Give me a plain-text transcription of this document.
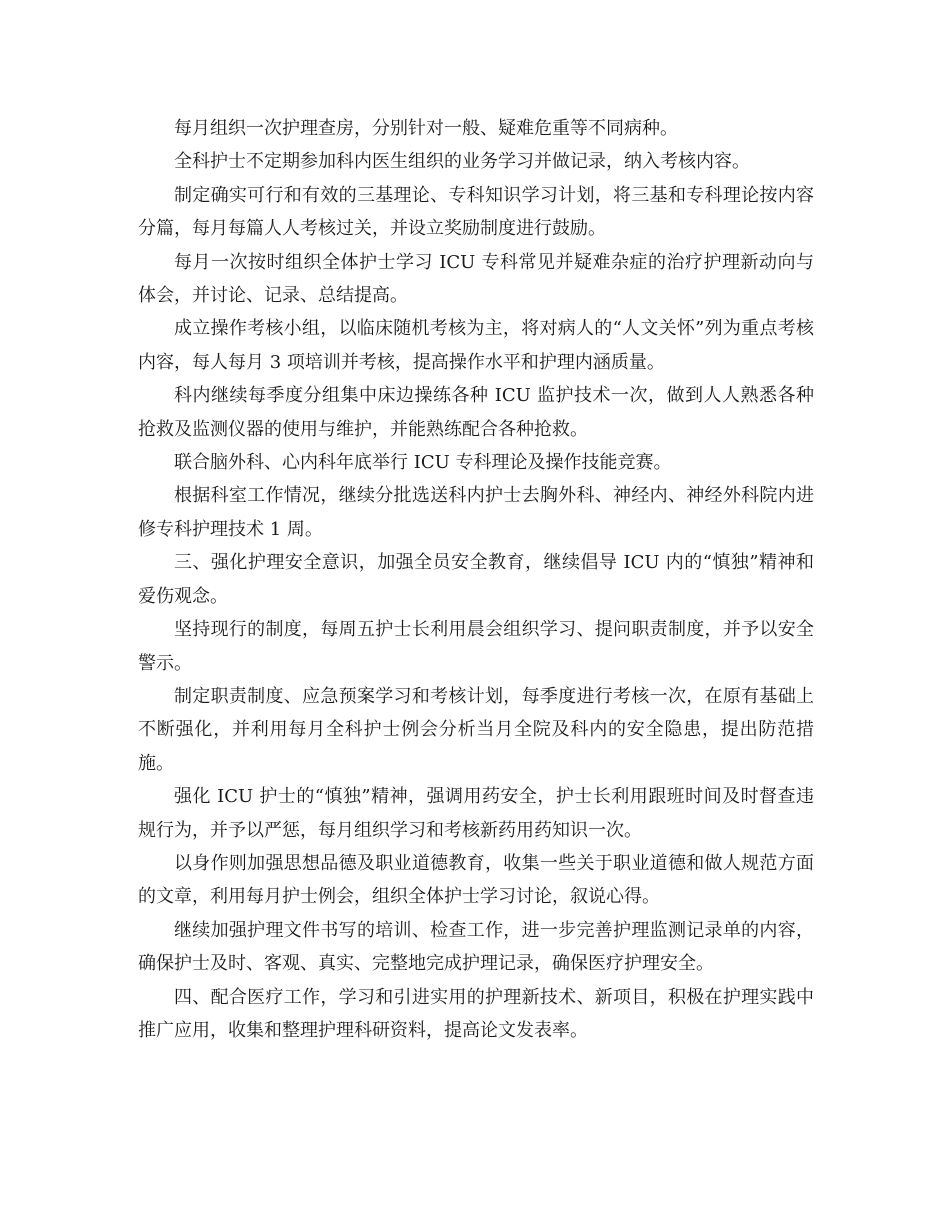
每月组织一次护理查房，分别针对一般、疑难危重等不同病种。

全科护士不定期参加科内医生组织的业务学习并做记录，纳入考核内容。

制定确实可行和有效的三基理论、专科知识学习计划，将三基和专科理论按内容分篇，每月每篇人人考核过关，并设立奖励制度进行鼓励。

每月一次按时组织全体护士学习 ICU 专科常见并疑难杂症的治疗护理新动向与体会，并讨论、记录、总结提高。

成立操作考核小组，以临床随机考核为主，将对病人的“人文关怀”列为重点考核内容，每人每月 3 项培训并考核，提高操作水平和护理内涵质量。

科内继续每季度分组集中床边操练各种 ICU 监护技术一次，做到人人熟悉各种抢救及监测仪器的使用与维护，并能熟练配合各种抢救。

联合脑外科、心内科年底举行 ICU 专科理论及操作技能竞赛。

根据科室工作情况，继续分批选送科内护士去胸外科、神经内、神经外科院内进修专科护理技术 1 周。

三、强化护理安全意识，加强全员安全教育，继续倡导 ICU 内的“慎独”精神和爱伤观念。

坚持现行的制度，每周五护士长利用晨会组织学习、提问职责制度，并予以安全警示。

制定职责制度、应急预案学习和考核计划，每季度进行考核一次，在原有基础上不断强化，并利用每月全科护士例会分析当月全院及科内的安全隐患，提出防范措施。

强化 ICU 护士的“慎独”精神，强调用药安全，护士长利用跟班时间及时督查违规行为，并予以严惩，每月组织学习和考核新药用药知识一次。

以身作则加强思想品德及职业道德教育，收集一些关于职业道德和做人规范方面的文章，利用每月护士例会，组织全体护士学习讨论，叙说心得。

继续加强护理文件书写的培训、检查工作，进一步完善护理监测记录单的内容，确保护士及时、客观、真实、完整地完成护理记录，确保医疗护理安全。

四、配合医疗工作，学习和引进实用的护理新技术、新项目，积极在护理实践中推广应用，收集和整理护理科研资料，提高论文发表率。
